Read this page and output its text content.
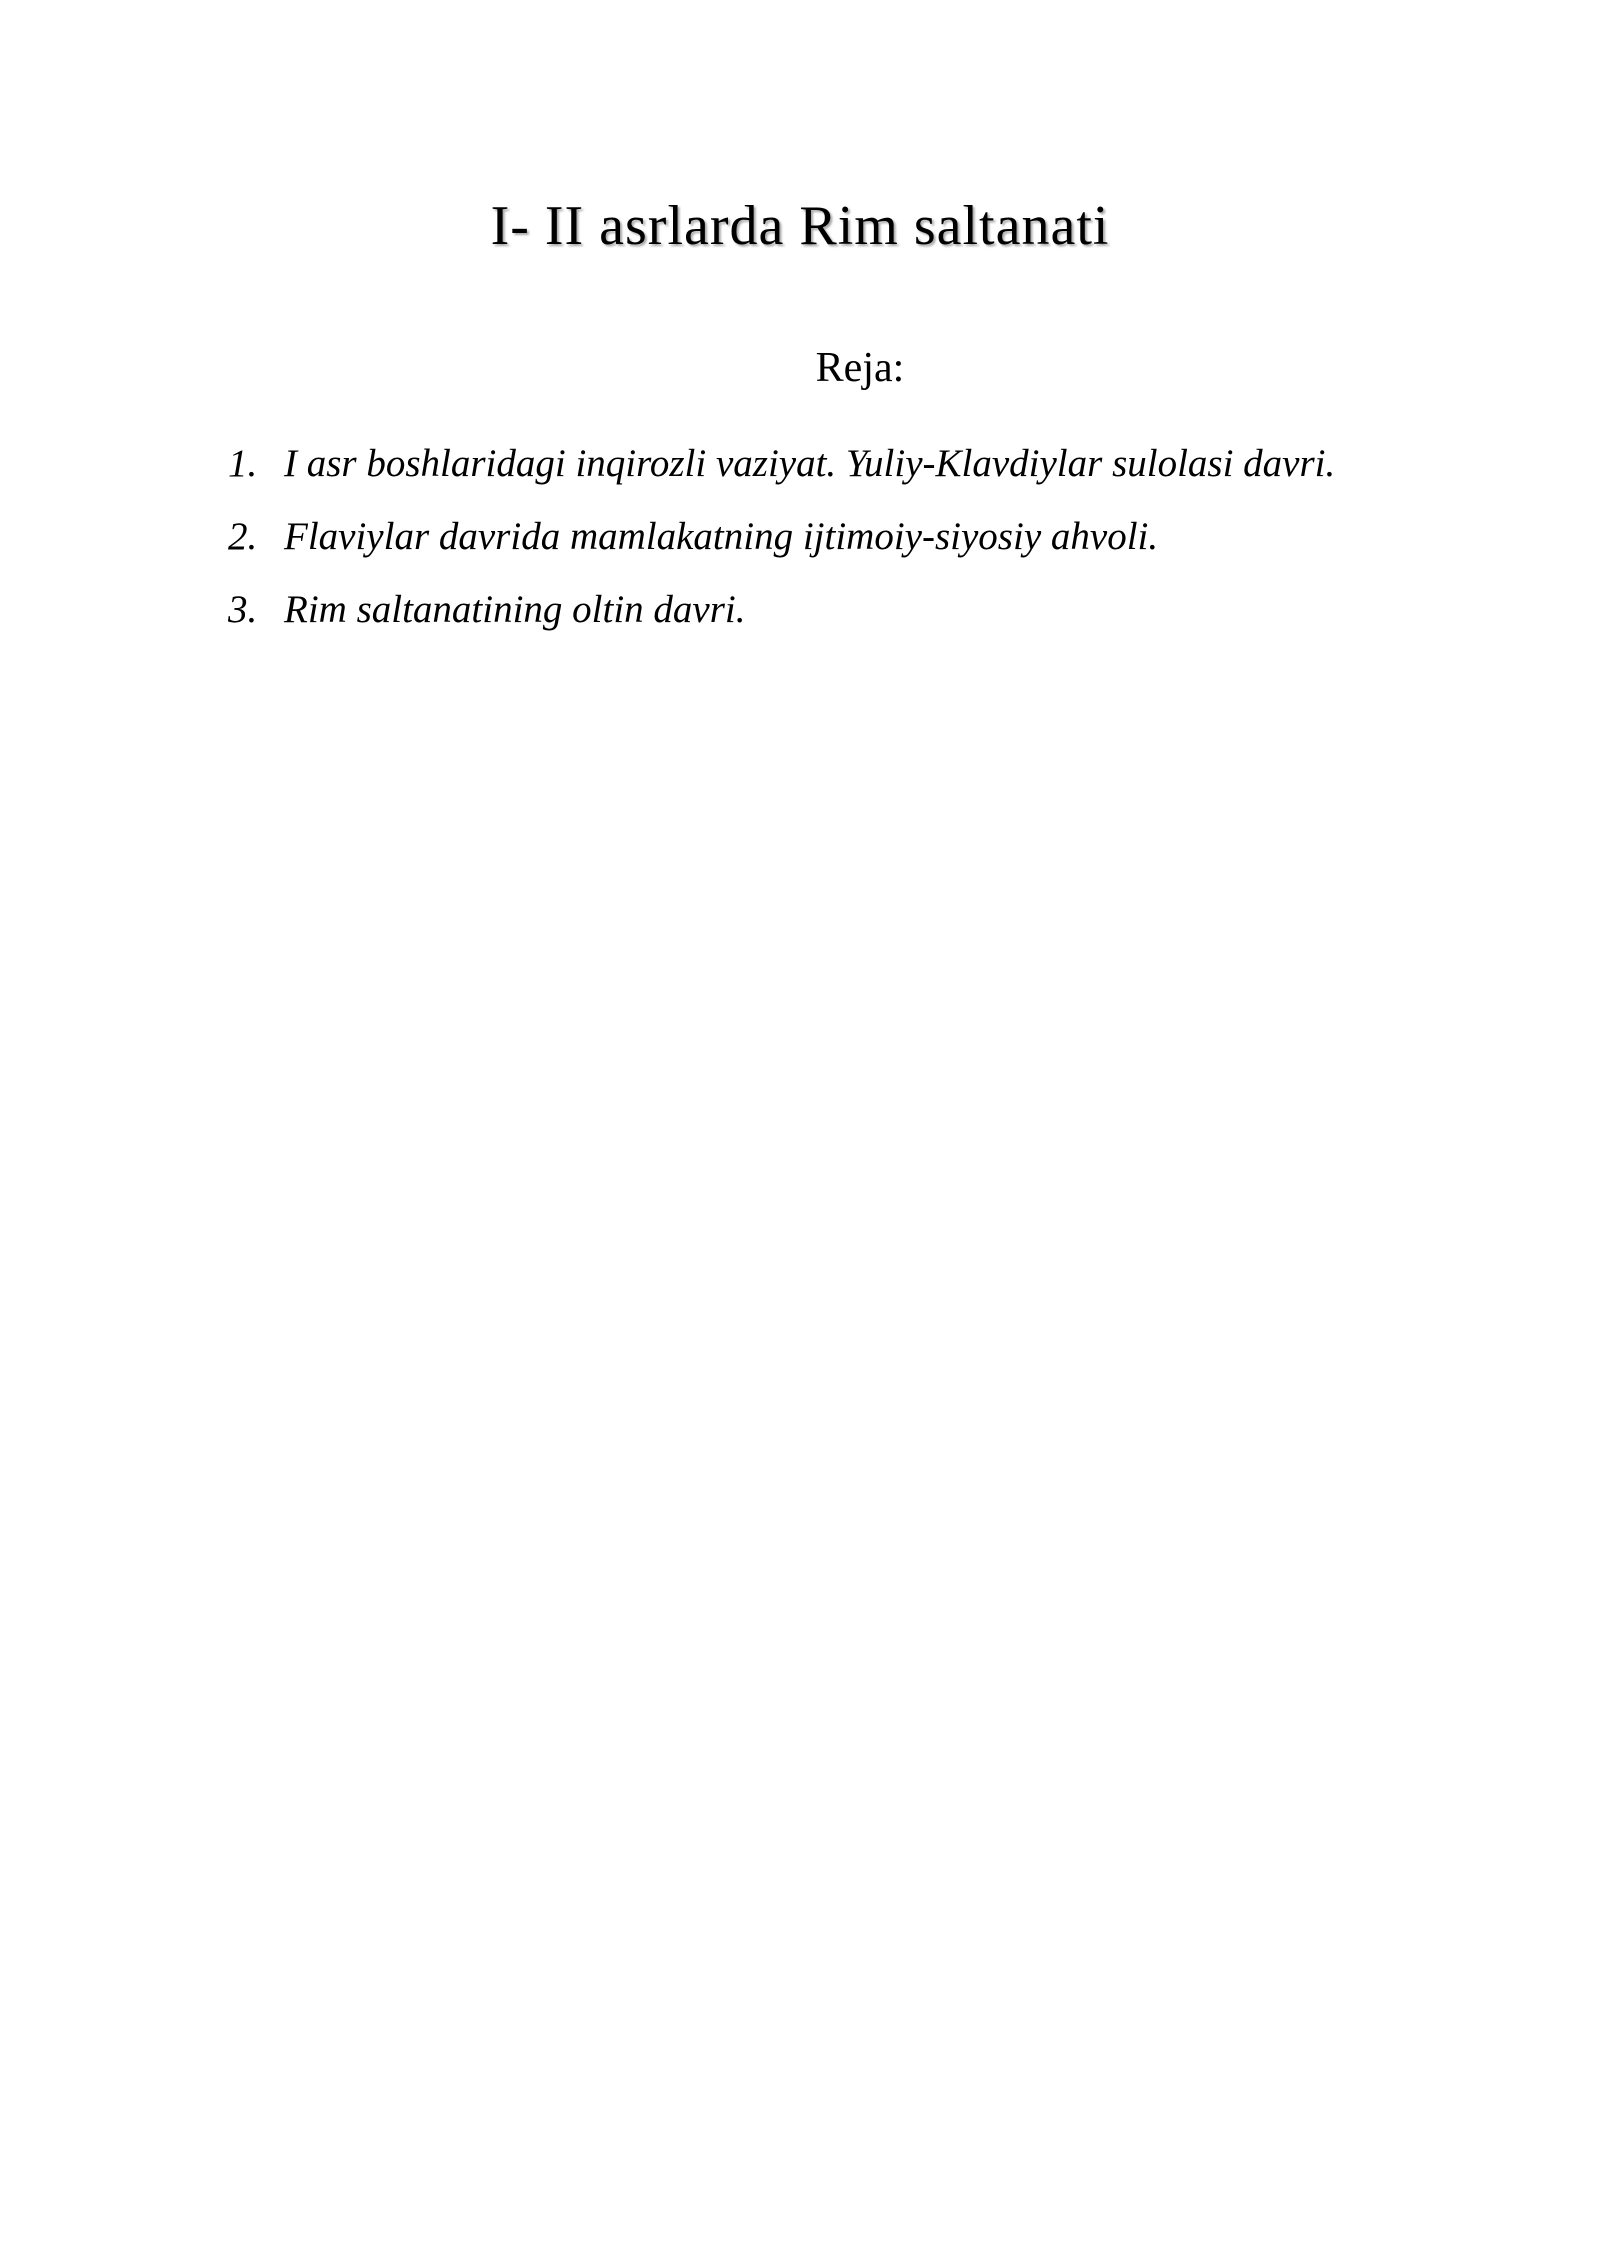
I- II asrlarda Rim saltanati
Reja:
1. I asr boshlaridagi inqirozli vaziyat. Yuliy-Klavdiylar sulolasi davri.
2. Flaviylar davrida mamlakatning ijtimoiy-siyosiy ahvoli.
3. Rim saltanatining oltin davri.
